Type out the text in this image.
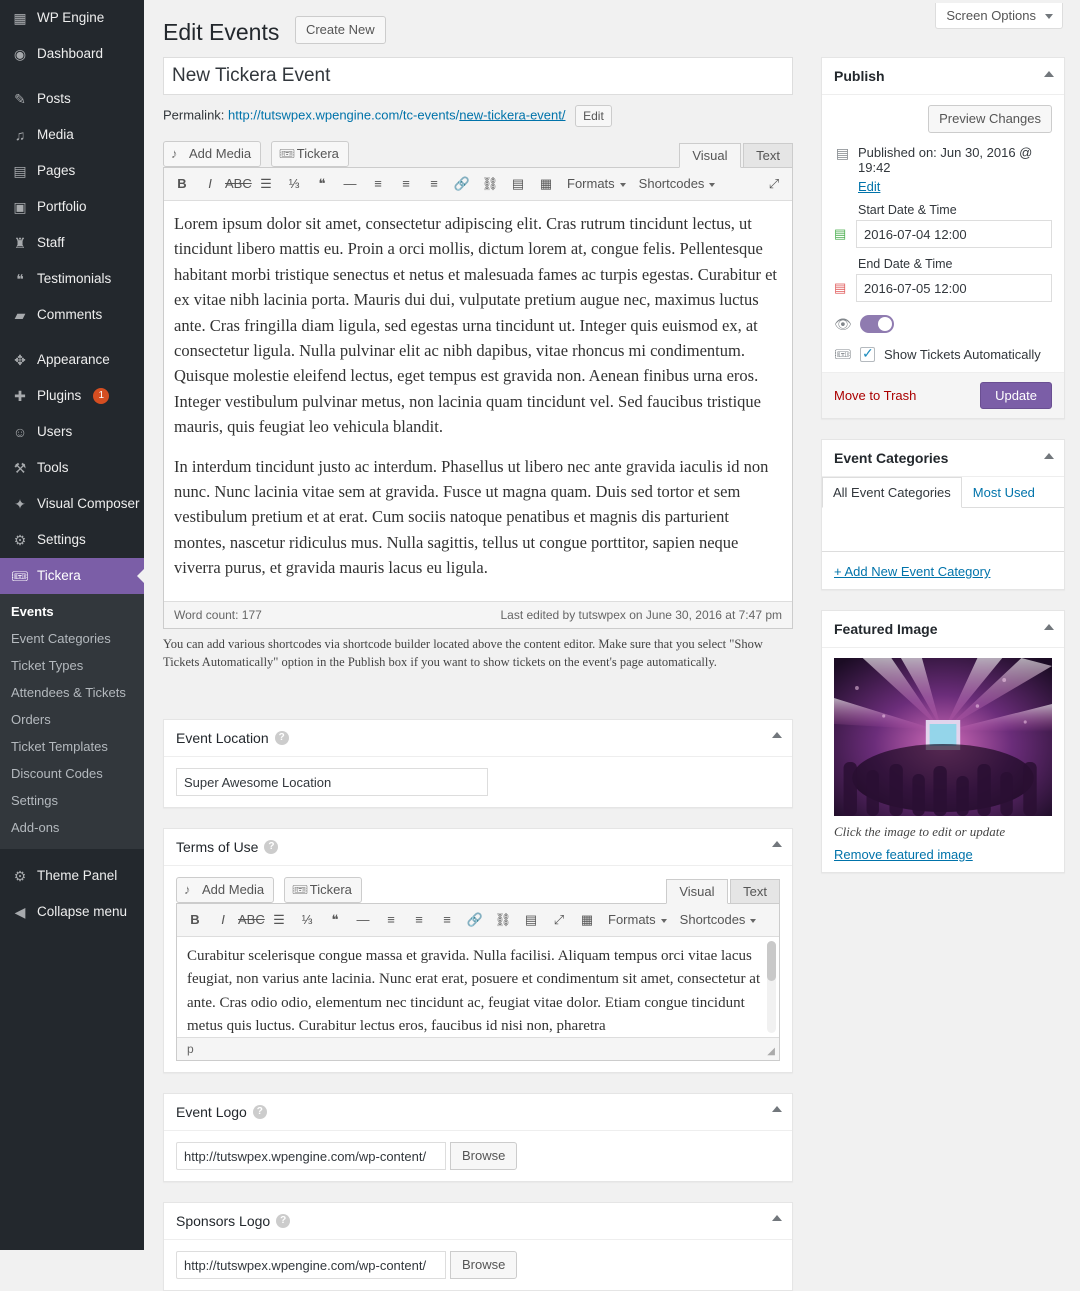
▦ WP Engine
◉ Dashboard
✎ Posts
♫ Media
▤ Pages
▣ Portfolio
♜ Staff
❝ Testimonials
▰ Comments
✥ Appearance
✚ Plugins	1
☺ Users
⚒ Tools
✦ Visual Composer
⚙ Settings
🎟 Tickera
Events
Event Categories
Ticket Types
Attendees & Tickets
Orders
Ticket Templates
Discount Codes
Settings
Add-ons
⚙ Theme Panel
◀ Collapse menu
Screen Options
Edit Events Create New
New Tickera Event
Permalink: http://tutswpex.wpengine.com/tc-events/new-tickera-event/ Edit
♪ Add Media 🎟Tickera	Visual Text
B	I	ABC ☰	⅓	❝	—	≡	≡	≡	🔗 ⛓	▤	▦	Formats	Shortcodes	⤢

Lorem ipsum dolor sit amet, consectetur adipiscing elit. Cras rutrum tincidunt lectus, ut tincidunt libero mattis eu. Proin a orci mollis, dictum lorem at, congue felis. Pellentesque habitant morbi tristique senectus et netus et malesuada fames ac turpis egestas. Curabitur et ex vitae nibh lacinia porta. Mauris dui dui, vulputate pretium augue nec, maximus luctus ante. Cras fringilla diam ligula, sed egestas urna tincidunt ut. Integer quis euismod ex, at consectetur ligula. Nulla pulvinar elit ac nibh dapibus, vitae rhoncus mi condimentum. Quisque molestie eleifend lectus, eget tempus est gravida non. Aenean finibus urna eros. Integer vestibulum pulvinar metus, non lacinia quam tincidunt vel. Sed faucibus tristique mauris, quis feugiat leo vehicula blandit.

In interdum tincidunt justo ac interdum. Phasellus ut libero nec ante gravida iaculis id non nunc. Nunc lacinia vitae sem at gravida. Fusce ut magna quam. Duis sed tortor et sem vestibulum pretium et at erat. Cum sociis natoque penatibus et magnis dis parturient montes, nascetur ridiculus mus. Nulla sagittis, tellus ut congue porttitor, sapien neque viverra purus, et gravida mauris lacus eu ligula.

Word count: 177	Last edited by tutswpex on June 30, 2016 at 7:47 pm
You can add various shortcodes via shortcode builder located above the content editor. Make sure that you select "Show Tickets Automatically" option in the Publish box if you want to show tickets on the event's page automatically.
Event Location ?
Super Awesome Location
Terms of Use ?
♪ Add Media 🎟Tickera	Visual Text
B	I	ABC ☰	⅓	❝	—	≡	≡	≡	🔗 ⛓	▤	⤢	▦	Formats	Shortcodes

Curabitur scelerisque congue massa et gravida. Nulla facilisi. Aliquam tempus orci vitae lacus feugiat, non varius ante lacinia. Nunc erat erat, posuere et condimentum sit amet, consectetur at ante. Cras odio odio, elementum nec tincidunt ac, feugiat vitae dolor. Etiam congue tincidunt metus quis luctus. Curabitur lectus eros, faucibus id nisi non, pharetra

p	◢
Event Logo ?
http://tutswpex.wpengine.com/wp-content/
Browse
Sponsors Logo ?
http://tutswpex.wpengine.com/wp-content/
Browse
Publish
Preview Changes
▤ Published on: Jun 30, 2016 @ 19:42
Edit
Start Date & Time
▤
2016-07-04 12:00
End Date & Time
▤
2016-07-05 12:00
👁
🎟 ✓ Show Tickets Automatically
Move to Trash	Update
Event Categories
All Event Categories	Most Used
+ Add New Event Category
Featured Image
Click the image to edit or update
Remove featured image
